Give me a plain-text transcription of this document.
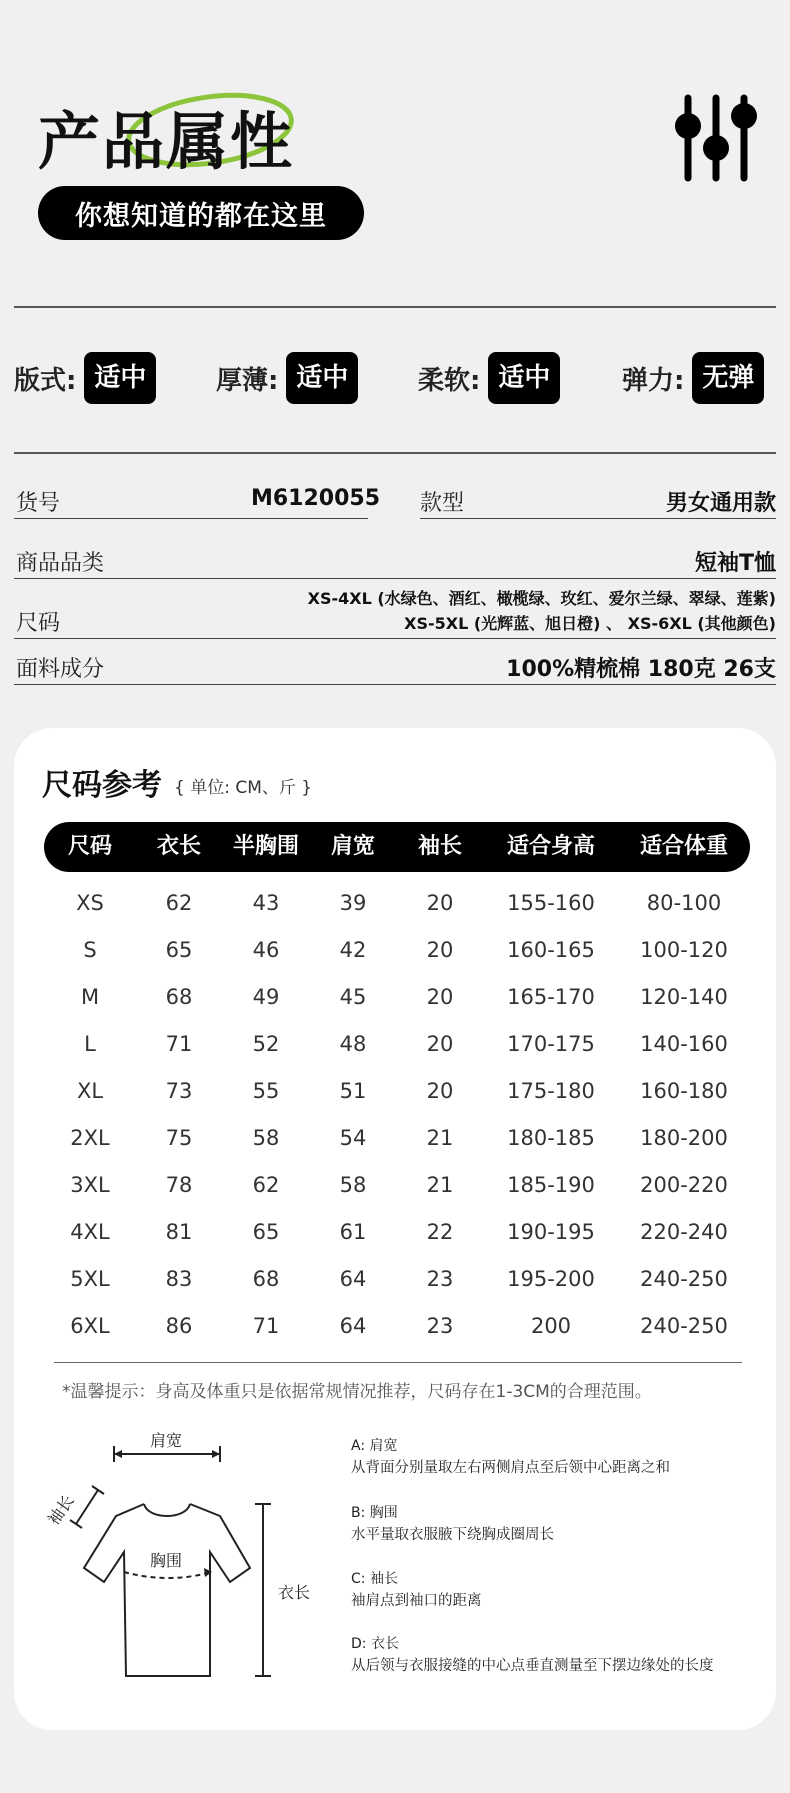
产品属性
你想知道的都在这里
版式: 适中	厚薄: 适中	柔软: 适中	弹力: 无弹
货号	M6120055 款型	男女通用款
商品品类	短袖T恤
尺码
XS-4XL (水绿色、酒红、橄榄绿、玫红、爱尔兰绿、翠绿、莲紫)
XS-5XL (光辉蓝、旭日橙) 、 XS-6XL (其他颜色)
面料成分	100%精梳棉 180克 26支
尺码参考 { 单位: CM、斤 }
尺码	衣长	半胸围	肩宽	袖长	适合身高	适合体重
XS	62	43	39	20	155-160	80-100
S	65	46	42	20	160-165	100-120
M	68	49	45	20	165-170	120-140
L	71	52	48	20	170-175	140-160
XL	73	55	51	20	175-180	160-180
2XL	75	58	54	21	180-185	180-200
3XL	78	62	58	21	185-190	200-220
4XL	81	65	61	22	190-195	220-240
5XL	83	68	64	23	195-200	240-250
6XL	86	71	64	23	200	240-250
*温馨提示：身高及体重只是依据常规情况推荐，尺码存在1-3CM的合理范围。
肩宽
袖长
胸围
衣长
A: 肩宽
从背面分别量取左右两侧肩点至后领中心距离之和
B: 胸围
水平量取衣服腋下绕胸成圈周长
C: 袖长
袖肩点到袖口的距离
D: 衣长
从后领与衣服接缝的中心点垂直测量至下摆边缘处的长度
